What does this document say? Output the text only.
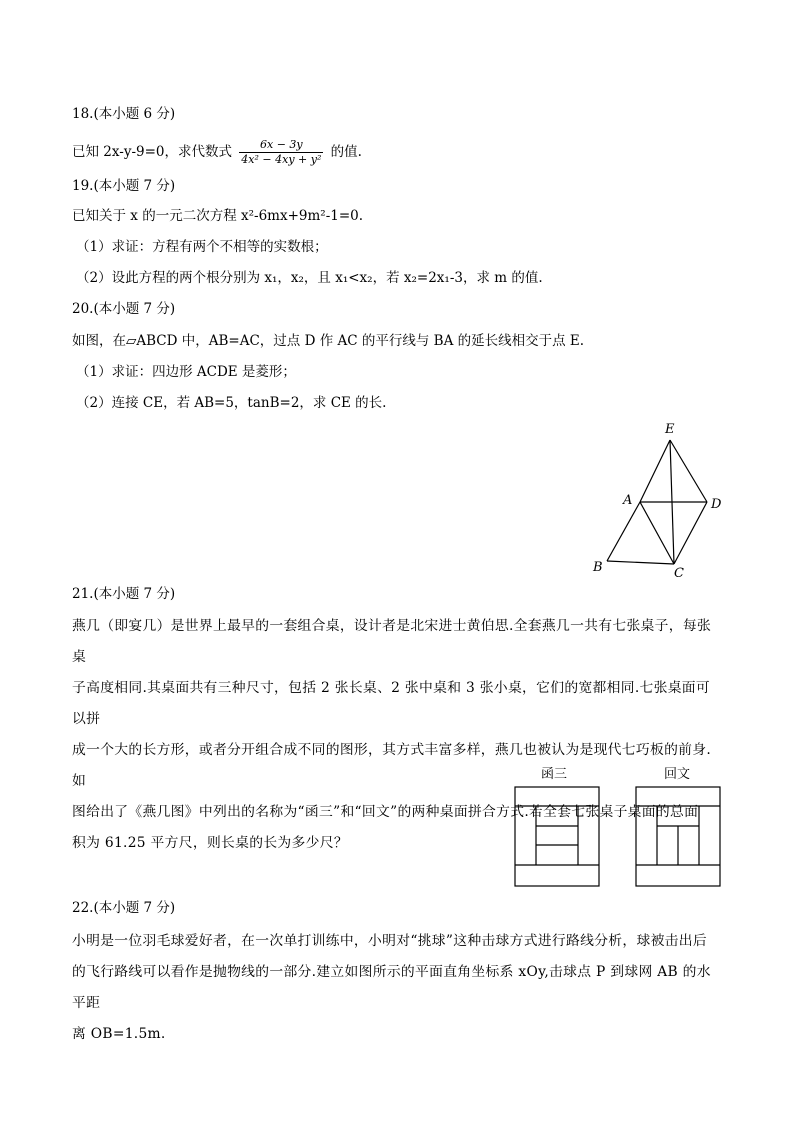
18.(本小题 6 分)
已知 2x-y-9=0，求代数式 $\frac{6x - 3y}{\text{4x² − 4xy + y²}}$ 的值.
19.(本小题 7 分)
已知关于 x 的一元二次方程 x²-6mx+9m²-1=0.
（1）求证：方程有两个不相等的实数根；
（2）设此方程的两个根分别为 x₁，x₂，且 x₁<x₂，若 x₂=2x₁-3，求 m 的值.
20.(本小题 7 分)
如图，在▱ABCD 中，AB=AC，过点 D 作 AC 的平行线与 BA 的延长线相交于点 E.
（1）求证：四边形 ACDE 是菱形；
（2）连接 CE，若 AB=5，tanB=2，求 CE 的长.
E
A	D
B	C
21.(本小题 7 分)
燕几（即宴几）是世界上最早的一套组合桌，设计者是北宋进士黄伯思.全套燕几一共有七张桌子，每张桌
子高度相同.其桌面共有三种尺寸，包括 2 张长桌、2 张中桌和 3 张小桌，它们的宽都相同.七张桌面可以拼
成一个大的长方形，或者分开组合成不同的图形，其方式丰富多样，燕几也被认为是现代七巧板的前身.如
图给出了《燕几图》中列出的名称为“函三”和“回文”的两种桌面拼合方式.若全套七张桌子桌面的总面
积为 61.25 平方尺，则长桌的长为多少尺？
函三	回文
22.(本小题 7 分)
小明是一位羽毛球爱好者，在一次单打训练中，小明对“挑球”这种击球方式进行路线分析，球被击出后
的飞行路线可以看作是抛物线的一部分.建立如图所示的平面直角坐标系 xOy,击球点 P 到球网 AB 的水平距
离 OB=1.5m.
